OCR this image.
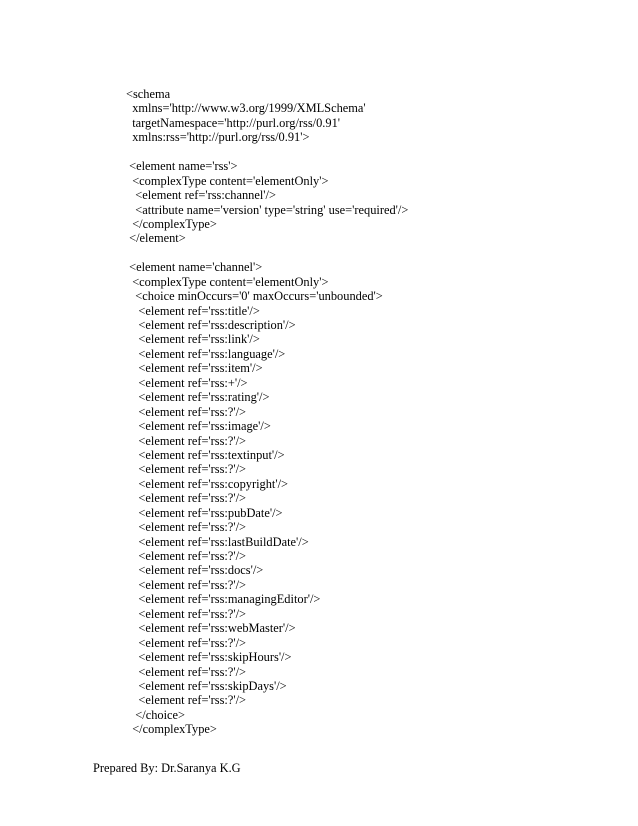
<schema
xmlns='http://www.w3.org/1999/XMLSchema'
targetNamespace='http://purl.org/rss/0.91'
xmlns:rss='http://purl.org/rss/0.91'>
<element name='rss'>
<complexType content='elementOnly'>
<element ref='rss:channel'/>
<attribute name='version' type='string' use='required'/>
</complexType>
</element>
<element name='channel'>
<complexType content='elementOnly'>
<choice minOccurs='0' maxOccurs='unbounded'>
<element ref='rss:title'/>
<element ref='rss:description'/>
<element ref='rss:link'/>
<element ref='rss:language'/>
<element ref='rss:item'/>
<element ref='rss:+'/>
<element ref='rss:rating'/>
<element ref='rss:?'/>
<element ref='rss:image'/>
<element ref='rss:?'/>
<element ref='rss:textinput'/>
<element ref='rss:?'/>
<element ref='rss:copyright'/>
<element ref='rss:?'/>
<element ref='rss:pubDate'/>
<element ref='rss:?'/>
<element ref='rss:lastBuildDate'/>
<element ref='rss:?'/>
<element ref='rss:docs'/>
<element ref='rss:?'/>
<element ref='rss:managingEditor'/>
<element ref='rss:?'/>
<element ref='rss:webMaster'/>
<element ref='rss:?'/>
<element ref='rss:skipHours'/>
<element ref='rss:?'/>
<element ref='rss:skipDays'/>
<element ref='rss:?'/>
</choice>
</complexType>
Prepared By: Dr.Saranya K.G
